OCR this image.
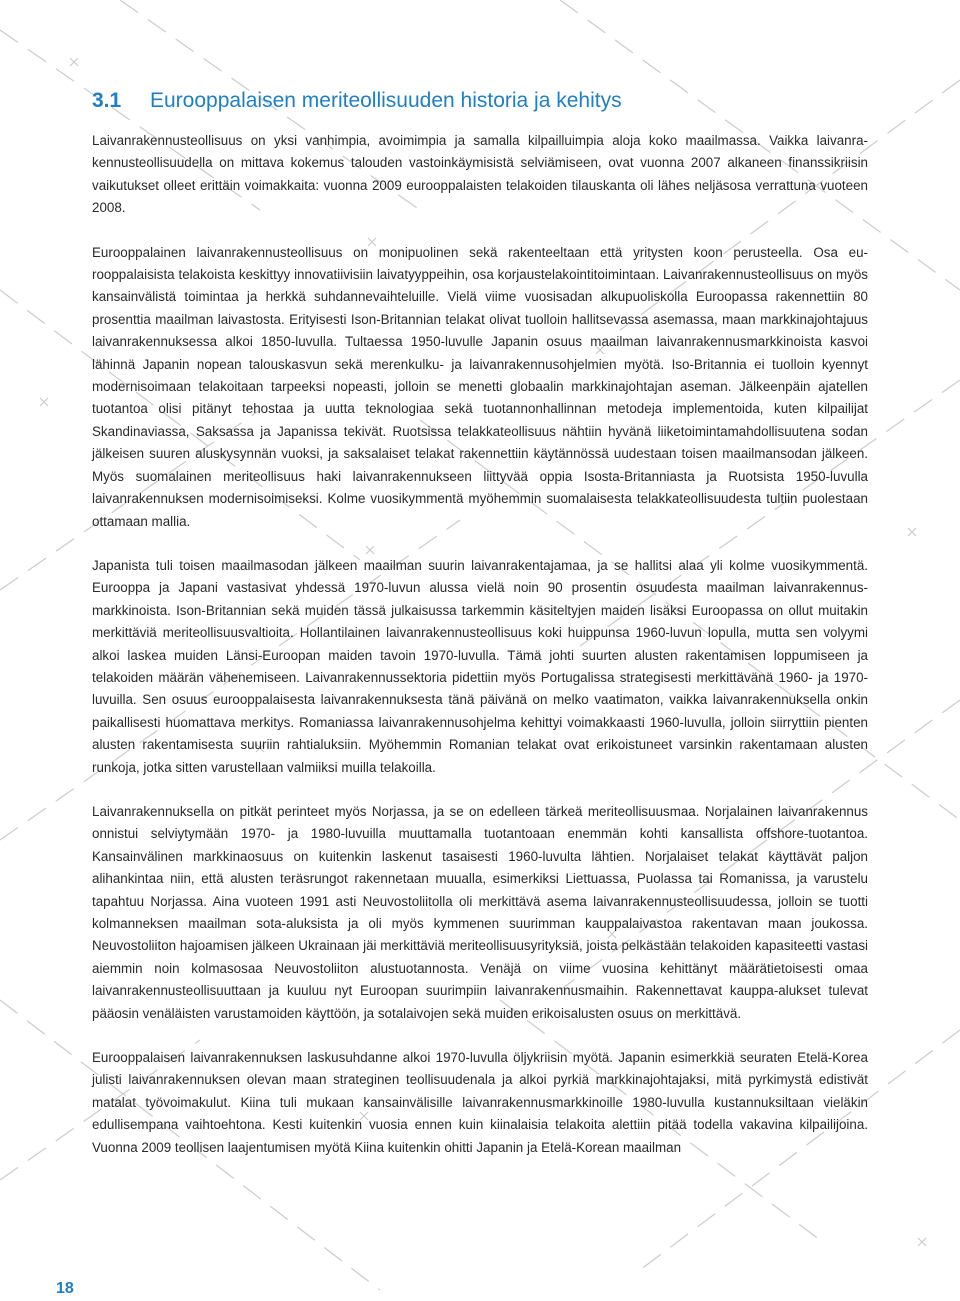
3.1	Eurooppalaisen meriteollisuuden historia ja kehitys

Laivanrakennusteollisuus on yksi vanhimpia, avoimimpia ja samalla kilpailluimpia aloja koko maailmassa. Vaikka laivanrakennusteollisuudella on mittava kokemus talouden vastoinkäymisistä selviämiseen, ovat vuonna 2007 alkaneen finanssikriisin vaikutukset olleet erittäin voimakkaita: vuonna 2009 eurooppalaisten telakoiden tilauskanta oli lähes neljäsosa verrattuna vuoteen 2008.

Eurooppalainen laivanrakennusteollisuus on monipuolinen sekä rakenteeltaan että yritysten koon perusteella. Osa eurooppalaisista telakoista keskittyy innovatiivisiin laivatyyppeihin, osa korjaustelakointitoimintaan. Laivanrakennusteollisuus on myös kansainvälistä toimintaa ja herkkä suhdannevaihteluille. Vielä viime vuosisadan alkupuoliskolla Euroopassa rakennettiin 80 prosenttia maailman laivastosta. Erityisesti Ison-Britannian telakat olivat tuolloin hallitsevassa asemassa, maan markkinajohtajuus laivanrakennuksessa alkoi 1850-luvulla. Tultaessa 1950-luvulle Japanin osuus maailman laivanrakennusmarkkinoista kasvoi lähinnä Japanin nopean talouskasvun sekä merenkulku- ja laivanrakennusohjelmien myötä. Iso-Britannia ei tuolloin kyennyt modernisoimaan telakoitaan tarpeeksi nopeasti, jolloin se menetti globaalin markkinajohtajan aseman. Jälkeenpäin ajatellen tuotantoa olisi pitänyt tehostaa ja uutta teknologiaa sekä tuotannonhallinnan metodeja implementoida, kuten kilpailijat Skandinaviassa, Saksassa ja Japanissa tekivät. Ruotsissa telakkateollisuus nähtiin hyvänä liiketoimintamahdollisuutena sodan jälkeisen suuren aluskysynnän vuoksi, ja saksalaiset telakat rakennettiin käytännössä uudestaan toisen maailmansodan jälkeen. Myös suomalainen meriteollisuus haki laivanrakennukseen liittyvää oppia Isosta-Britanniasta ja Ruotsista 1950-luvulla laivanrakennuksen modernisoimiseksi. Kolme vuosikymmentä myöhemmin suomalaisesta telakkateollisuudesta tultiin puolestaan ottamaan mallia.

Japanista tuli toisen maailmasodan jälkeen maailman suurin laivanrakentajamaa, ja se hallitsi alaa yli kolme vuosikymmentä. Eurooppa ja Japani vastasivat yhdessä 1970-luvun alussa vielä noin 90 prosentin osuudesta maailman laivanrakennusmarkkinoista. Ison-Britannian sekä muiden tässä julkaisussa tarkemmin käsiteltyjen maiden lisäksi Euroopassa on ollut muitakin merkittäviä meriteollisuusvaltioita. Hollantilainen laivanrakennusteollisuus koki huippunsa 1960-luvun lopulla, mutta sen volyymi alkoi laskea muiden Länsi-Euroopan maiden tavoin 1970-luvulla. Tämä johti suurten alusten rakentamisen loppumiseen ja telakoiden määrän vähenemiseen. Laivanrakennussektoria pidettiin myös Portugalissa strategisesti merkittävänä 1960- ja 1970-luvuilla. Sen osuus eurooppalaisesta laivanrakennuksesta tänä päivänä on melko vaatimaton, vaikka laivanrakennuksella onkin paikallisesti huomattava merkitys. Romaniassa laivanrakennusohjelma kehittyi voimakkaasti 1960-luvulla, jolloin siirryttiin pienten alusten rakentamisesta suuriin rahtialuksiin. Myöhemmin Romanian telakat ovat erikoistuneet varsinkin rakentamaan alusten runkoja, jotka sitten varustellaan valmiiksi muilla telakoilla.

Laivanrakennuksella on pitkät perinteet myös Norjassa, ja se on edelleen tärkeä meriteollisuusmaa. Norjalainen laivanrakennus onnistui selviytymään 1970- ja 1980-luvuilla muuttamalla tuotantoaan enemmän kohti kansallista offshore-tuotantoa. Kansainvälinen markkinaosuus on kuitenkin laskenut tasaisesti 1960-luvulta lähtien. Norjalaiset telakat käyttävät paljon alihankintaa niin, että alusten teräsrungot rakennetaan muualla, esimerkiksi Liettuassa, Puolassa tai Romanissa, ja varustelu tapahtuu Norjassa. Aina vuoteen 1991 asti Neuvostoliitolla oli merkittävä asema laivanrakennusteollisuudessa, jolloin se tuotti kolmanneksen maailman sota-aluksista ja oli myös kymmenen suurimman kauppalaivastoa rakentavan maan joukossa. Neuvostoliiton hajoamisen jälkeen Ukrainaan jäi merkittäviä meriteollisuusyrityksiä, joista pelkästään telakoiden kapasiteetti vastasi aiemmin noin kolmasosaa Neuvostoliiton alustuotannosta. Venäjä on viime vuosina kehittänyt määrätietoisesti omaa laivanrakennusteollisuuttaan ja kuuluu nyt Euroopan suurimpiin laivanrakennusmaihin. Rakennettavat kauppa-alukset tulevat pääosin venäläisten varustamoiden käyttöön, ja sotalaivojen sekä muiden erikoisalusten osuus on merkittävä.

Eurooppalaisen laivanrakennuksen laskusuhdanne alkoi 1970-luvulla öljykriisin myötä. Japanin esimerkkiä seuraten Etelä-Korea julisti laivanrakennuksen olevan maan strateginen teollisuudenala ja alkoi pyrkiä markkinajohtajaksi, mitä pyrkimystä edistivät matalat työvoimakulut. Kiina tuli mukaan kansainvälisille laivanrakennusmarkkinoille 1980-luvulla kustannuksiltaan vieläkin edullisempana vaihtoehtona. Kesti kuitenkin vuosia ennen kuin kiinalaisia telakoita alettiin pitää todella vakavina kilpailijoina. Vuonna 2009 teollisen laajentumisen myötä Kiina kuitenkin ohitti Japanin ja Etelä-Korean maailman

18
